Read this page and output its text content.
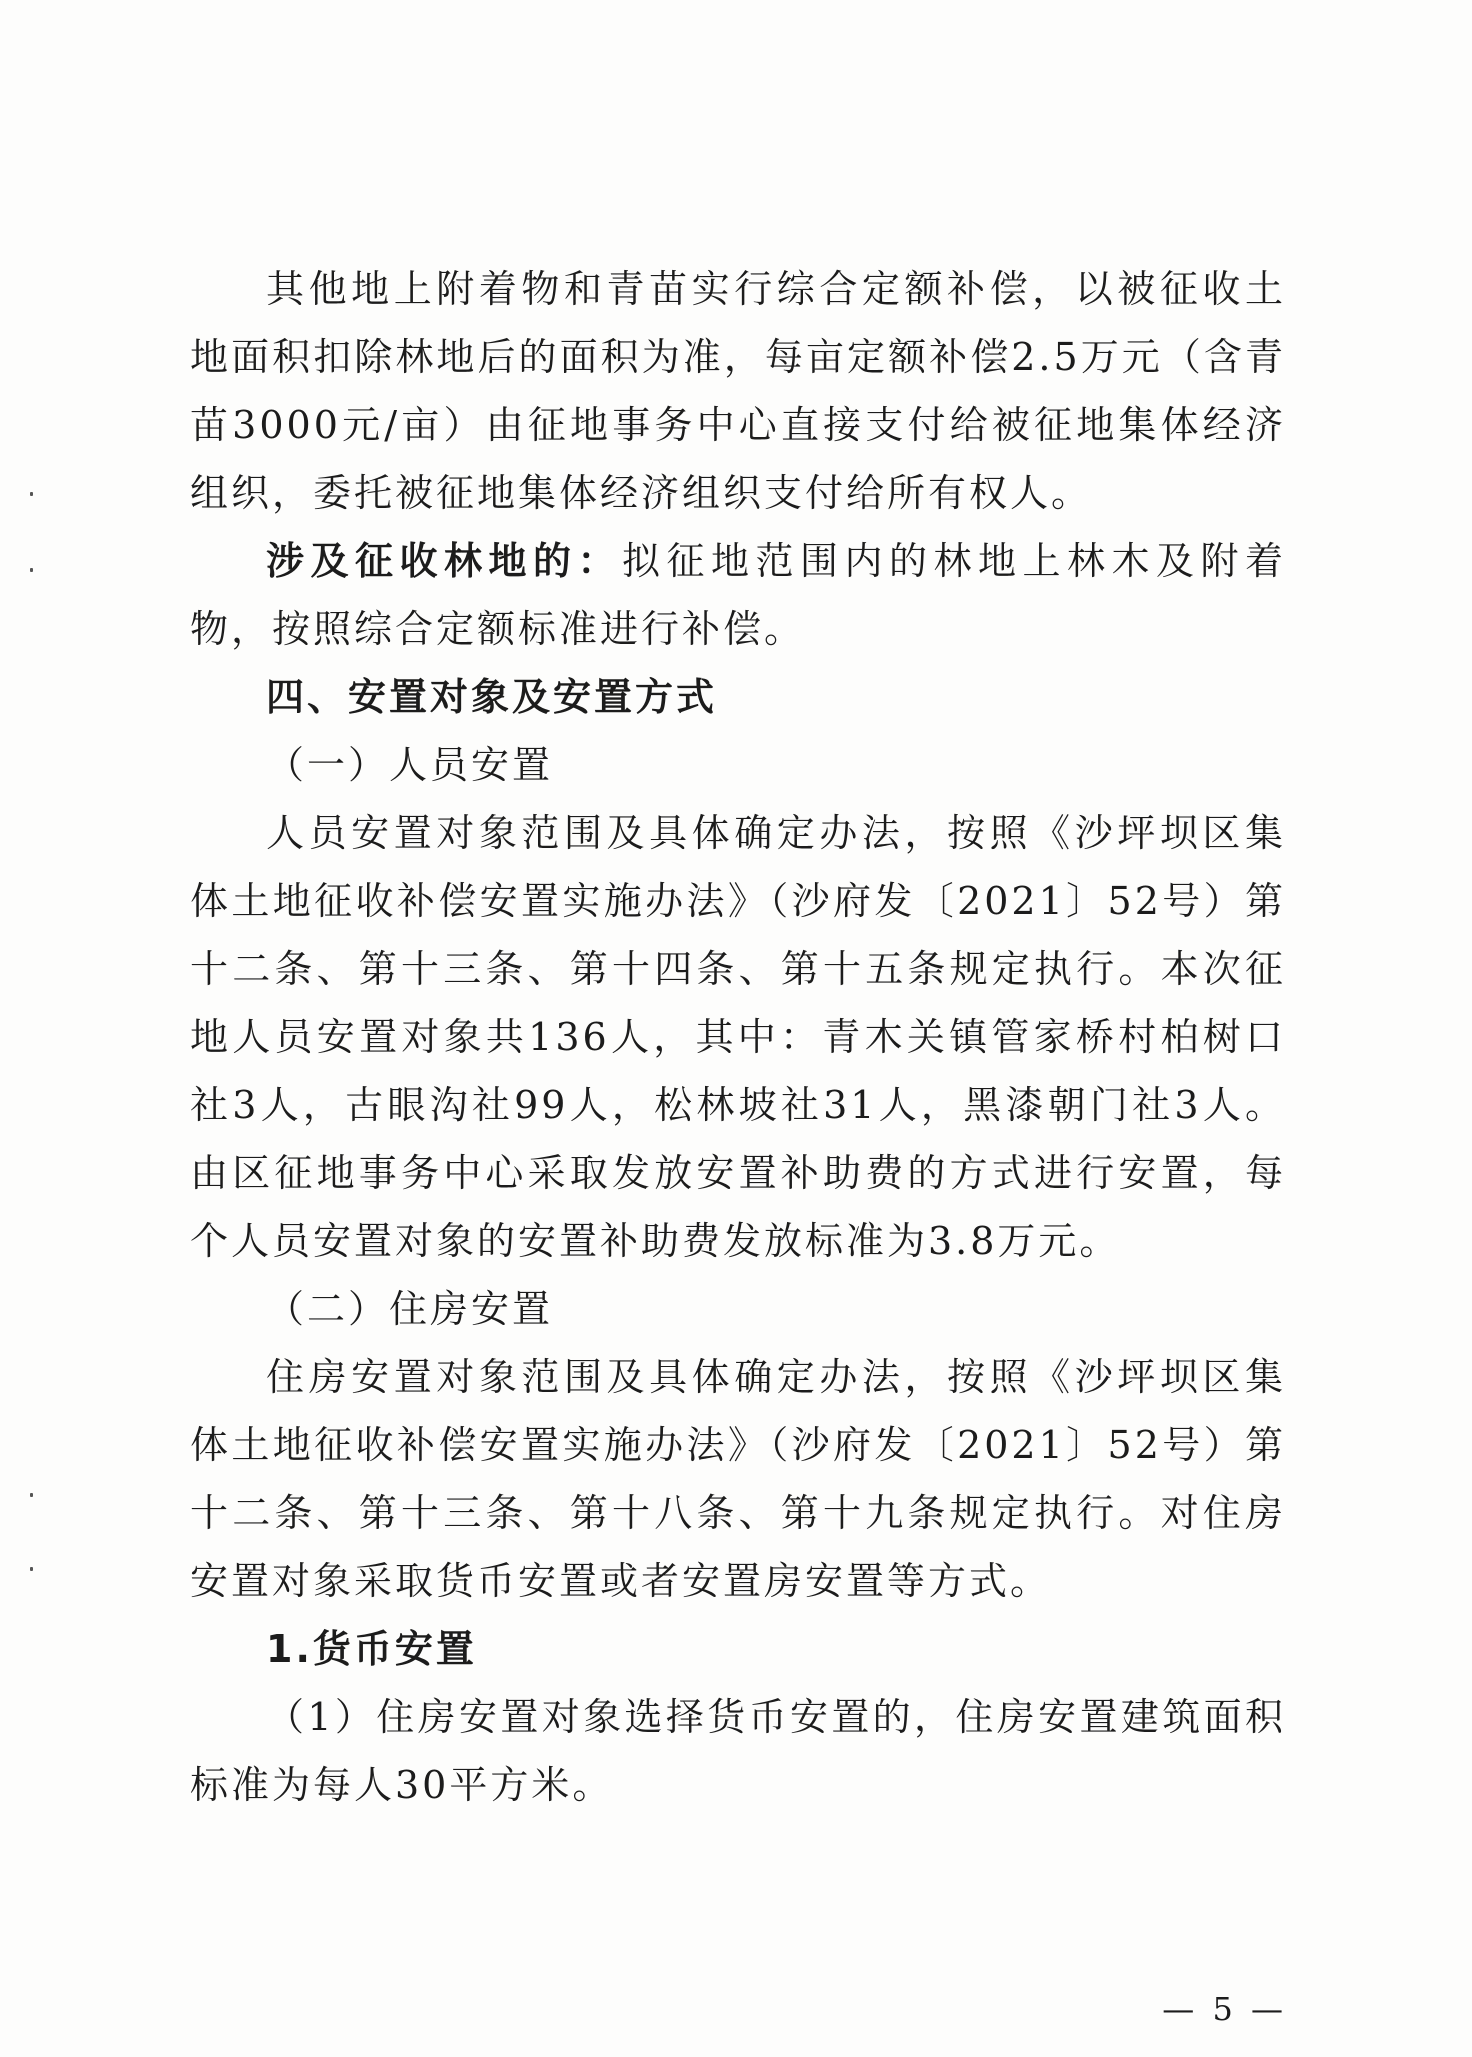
其他地上附着物和青苗实行综合定额补偿，以被征收土地面积扣除林地后的面积为准，每亩定额补偿2.5万元（含青苗3000元/亩）由征地事务中心直接支付给被征地集体经济组织，委托被征地集体经济组织支付给所有权人。

涉及征收林地的：拟征地范围内的林地上林木及附着物，按照综合定额标准进行补偿。

四、安置对象及安置方式

（一）人员安置

人员安置对象范围及具体确定办法，按照《沙坪坝区集体土地征收补偿安置实施办法》（沙府发〔2021〕52号）第十二条、第十三条、第十四条、第十五条规定执行。本次征地人员安置对象共136人，其中：青木关镇管家桥村柏树口社3人，古眼沟社99人，松林坡社31人，黑漆朝门社3人。由区征地事务中心采取发放安置补助费的方式进行安置，每个人员安置对象的安置补助费发放标准为3.8万元。

（二）住房安置

住房安置对象范围及具体确定办法，按照《沙坪坝区集体土地征收补偿安置实施办法》（沙府发〔2021〕52号）第十二条、第十三条、第十八条、第十九条规定执行。对住房安置对象采取货币安置或者安置房安置等方式。

1.货币安置

（1）住房安置对象选择货币安置的，住房安置建筑面积标准为每人30平方米。

— 5 —
